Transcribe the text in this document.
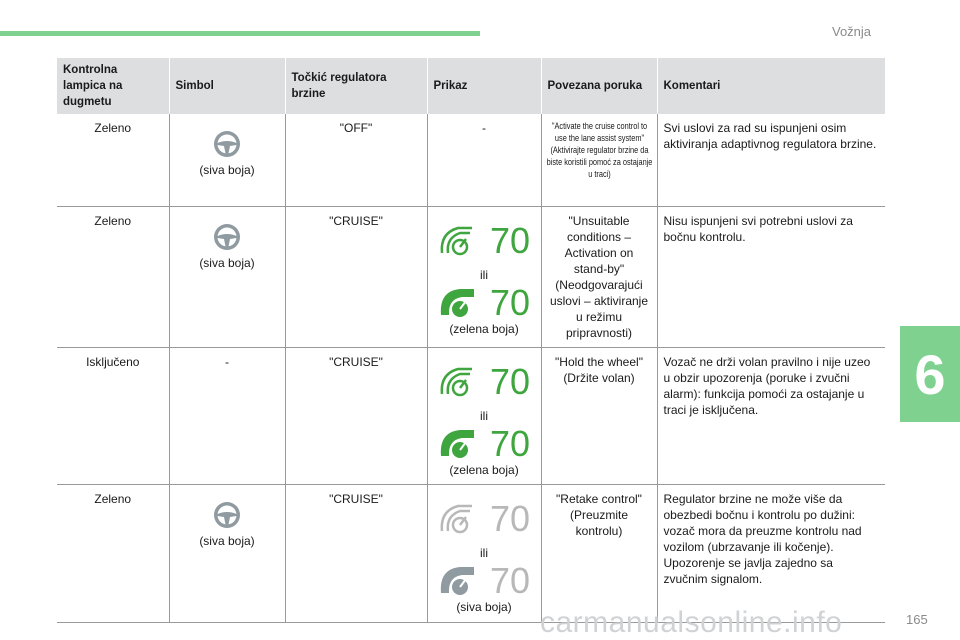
Vožnja
6
165
Kontrolna lampica na dugmetu	Simbol	Točkić regulatora brzine	Prikaz	Povezana poruka	Komentari
Zeleno	(siva boja)	"OFF"	-	"Activate the cruise control to use the lane assist system" (Aktivirajte regulator brzine da biste koristili pomoć za ostajanje u traci)	Svi uslovi za rad su ispunjeni osim aktiviranja adaptivnog regulatora brzine.
Zeleno	(siva boja)	"CRUISE"	70
ili
70
(zelena boja)	"Unsuitable conditions – Activation on stand-by" (Neodgovarajući uslovi – aktiviranje u režimu pripravnosti)	Nisu ispunjeni svi potrebni uslovi za bočnu kontrolu.
Isključeno	-	"CRUISE"	70
ili
70
(zelena boja)	"Hold the wheel" (Držite volan)	Vozač ne drži volan pravilno i nije uzeo u obzir upozorenja (poruke i zvučni alarm): funkcija pomoći za ostajanje u traci je isključena.
Zeleno	(siva boja)	"CRUISE"	70
ili
70
(siva boja)	"Retake control" (Preuzmite kontrolu)	Regulator brzine ne može više da obezbedi bočnu i kontrolu po dužini: vozač mora da preuzme kontrolu nad vozilom (ubrzavanje ili kočenje). Upozorenje se javlja zajedno sa zvučnim signalom.
carmanualsonline.info
